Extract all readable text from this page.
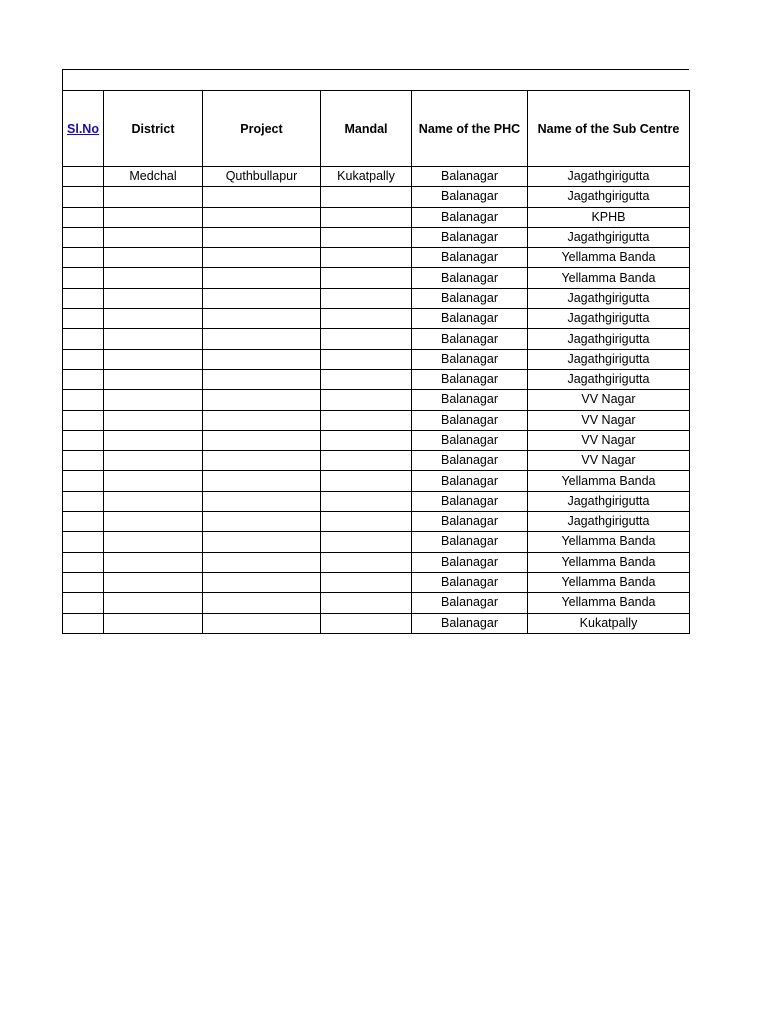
Sl.No	District	Project	Mandal	Name of the PHC	Name of the Sub Centre
	Medchal	Quthbullapur	Kukatpally	Balanagar	Jagathgirigutta
				Balanagar	Jagathgirigutta
				Balanagar	KPHB
				Balanagar	Jagathgirigutta
				Balanagar	Yellamma Banda
				Balanagar	Yellamma Banda
				Balanagar	Jagathgirigutta
				Balanagar	Jagathgirigutta
				Balanagar	Jagathgirigutta
				Balanagar	Jagathgirigutta
				Balanagar	Jagathgirigutta
				Balanagar	VV Nagar
				Balanagar	VV Nagar
				Balanagar	VV Nagar
				Balanagar	VV Nagar
				Balanagar	Yellamma Banda
				Balanagar	Jagathgirigutta
				Balanagar	Jagathgirigutta
				Balanagar	Yellamma Banda
				Balanagar	Yellamma Banda
				Balanagar	Yellamma Banda
				Balanagar	Yellamma Banda
				Balanagar	Kukatpally
